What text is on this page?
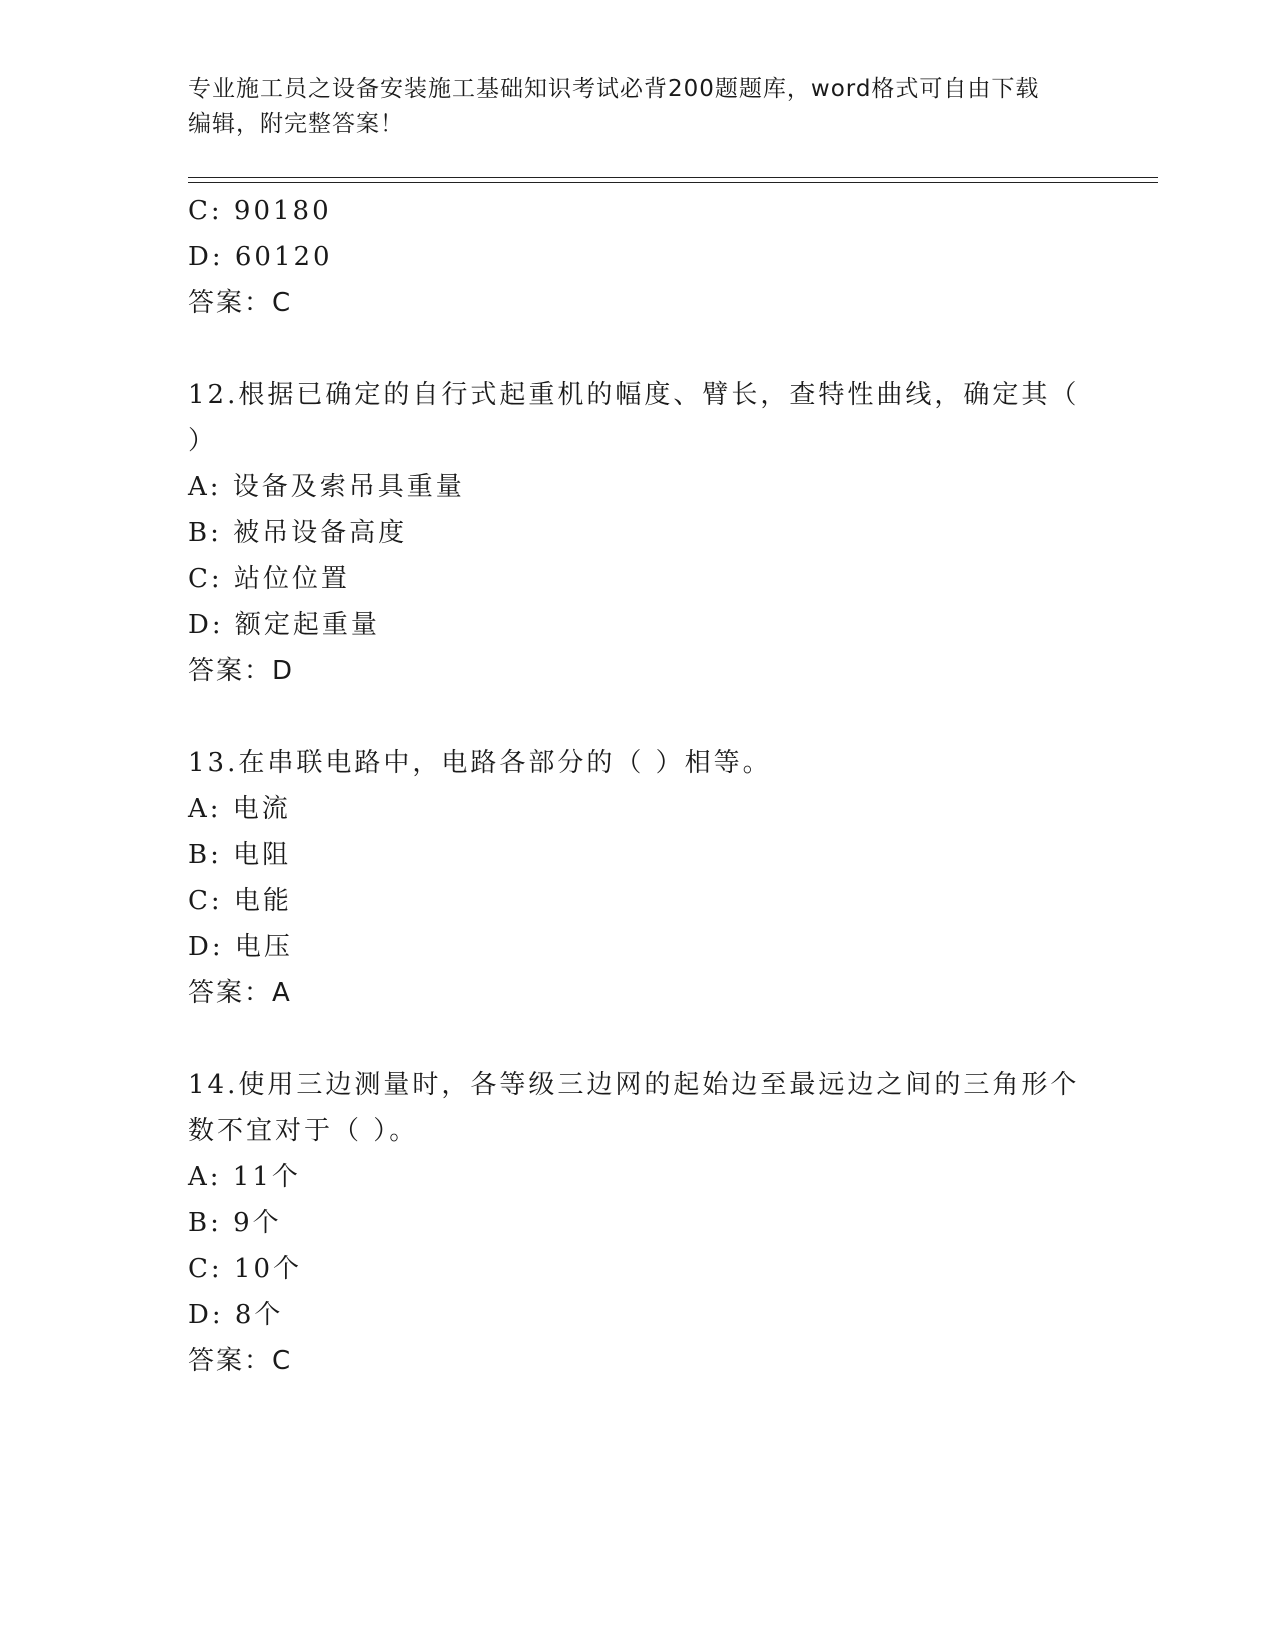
专业施工员之设备安装施工基础知识考试必背200题题库，word格式可自由下载
编辑，附完整答案！
C: 90180
D: 60120
答案：C
12.根据已确定的自行式起重机的幅度、臂长，查特性曲线，确定其（
）
A: 设备及索吊具重量
B: 被吊设备高度
C: 站位位置
D: 额定起重量
答案：D
13.在串联电路中，电路各部分的（ ）相等。
A: 电流
B: 电阻
C: 电能
D: 电压
答案：A
14.使用三边测量时，各等级三边网的起始边至最远边之间的三角形个
数不宜对于（ ）。
A: 11个
B: 9个
C: 10个
D: 8个
答案：C
